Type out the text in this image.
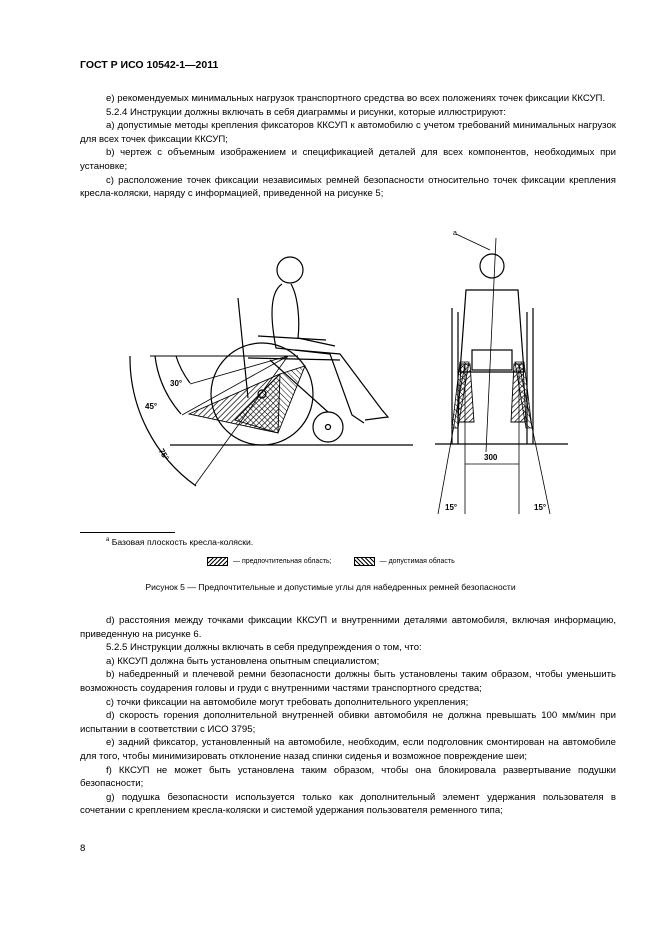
ГОСТ Р ИСО 10542-1—2011

е) рекомендуемых минимальных нагрузок транспортного средства во всех положениях точек фиксации ККСУП.

5.2.4 Инструкции должны включать в себя диаграммы и рисунки, которые иллюстрируют:

а) допустимые методы крепления фиксаторов ККСУП к автомобилю с учетом требований минимальных нагрузок для всех точек фиксации ККСУП;

b) чертеж с объемным изображением и спецификацией деталей для всех компонентов, необходимых при установке;

с) расположение точек фиксации независимых ремней безопасности относительно точек фиксации крепления кресла-коляски, наряду с информацией, приведенной на рисунке 5;

30°
45°
75°
a
300
15°	15°
$^a$ Базовая плоскость кресла-коляски.
— предпочтительная область;	— допустимая область
Рисунок 5 — Предпочтительные и допустимые углы для набедренных ремней безопасности

d) расстояния между точками фиксации ККСУП и внутренними деталями автомобиля, включая информацию, приведенную на рисунке 6.

5.2.5 Инструкции должны включать в себя предупреждения о том, что:

а) ККСУП должна быть установлена опытным специалистом;

b) набедренный и плечевой ремни безопасности должны быть установлены таким образом, чтобы уменьшить возможность соударения головы и груди с внутренними частями транспортного средства;

с) точки фиксации на автомобиле могут требовать дополнительного укрепления;

d) скорость горения дополнительной внутренней обивки автомобиля не должна превышать 100 мм/мин при испытании в соответствии с ИСО 3795;

е) задний фиксатор, установленный на автомобиле, необходим, если подголовник смонтирован на автомобиле для того, чтобы минимизировать отклонение назад спинки сиденья и возможное повреждение шеи;

f) ККСУП не может быть установлена таким образом, чтобы она блокировала развертывание подушки безопасности;

g) подушка безопасности используется только как дополнительный элемент удержания пользователя в сочетании с креплением кресла-коляски и системой удержания пользователя ременного типа;

8
